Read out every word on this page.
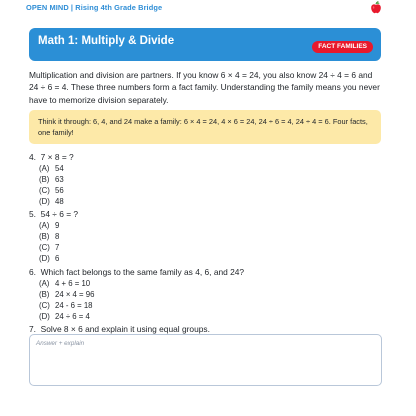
OPEN MIND | Rising 4th Grade Bridge
Math 1: Multiply & Divide	FACT FAMILIES
Multiplication and division are partners. If you know 6 × 4 = 24, you also know 24 ÷ 4 = 6 and 24 ÷ 6 = 4. These three numbers form a fact family. Understanding the family means you never have to memorize division separately.
Think it through: 6, 4, and 24 make a family: 6 × 4 = 24, 4 × 6 = 24, 24 ÷ 6 = 4, 24 ÷ 4 = 6. Four facts, one family!
4. 7 × 8 = ?
(A) 54
(B) 63
(C) 56
(D) 48
5. 54 ÷ 6 = ?
(A) 9
(B) 8
(C) 7
(D) 6
6. Which fact belongs to the same family as 4, 6, and 24?
(A) 4 + 6 = 10
(B) 24 × 4 = 96
(C) 24 - 6 = 18
(D) 24 ÷ 6 = 4
7. Solve 8 × 6 and explain it using equal groups.
Answer + explain
